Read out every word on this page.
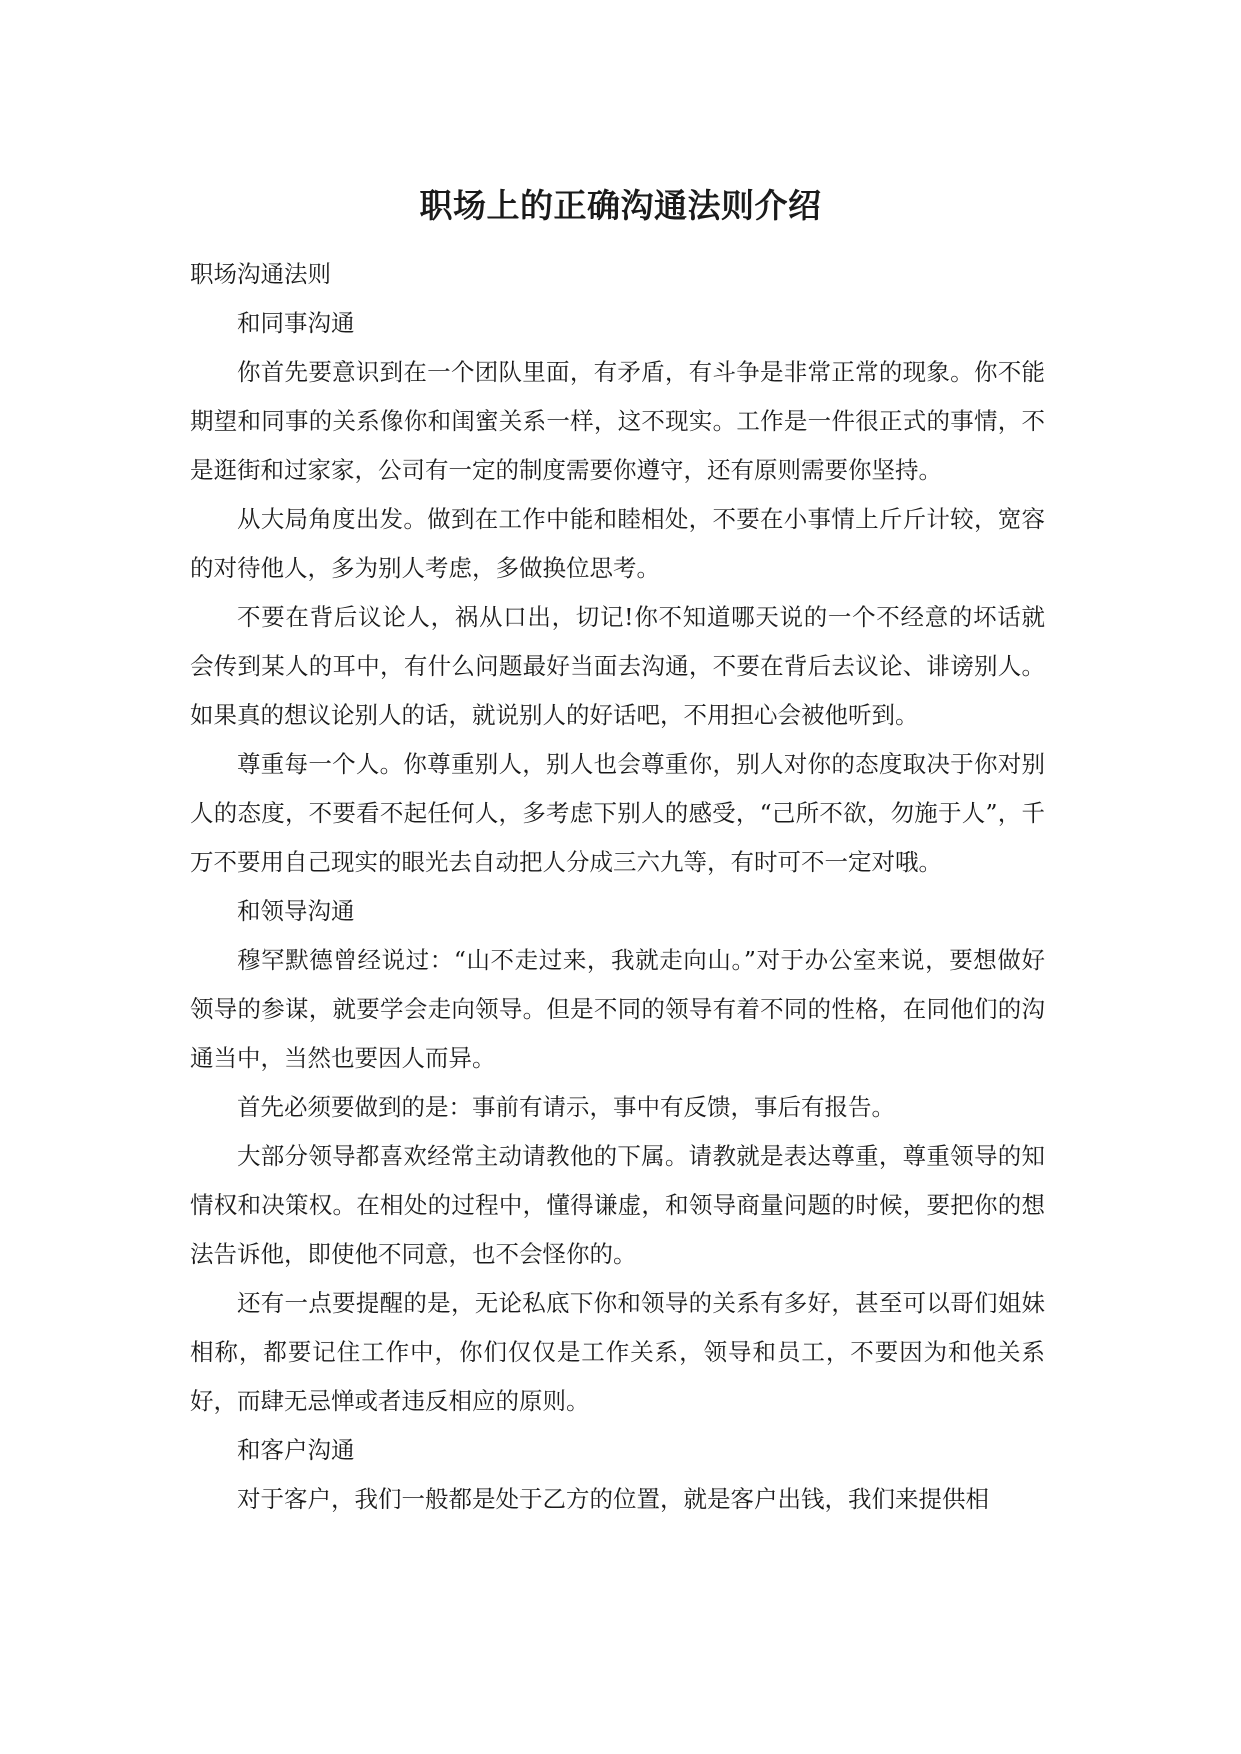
职场上的正确沟通法则介绍

职场沟通法则

和同事沟通

你首先要意识到在一个团队里面，有矛盾，有斗争是非常正常的现象。你不能期望和同事的关系像你和闺蜜关系一样，这不现实。工作是一件很正式的事情，不是逛街和过家家，公司有一定的制度需要你遵守，还有原则需要你坚持。

从大局角度出发。做到在工作中能和睦相处，不要在小事情上斤斤计较，宽容的对待他人，多为别人考虑，多做换位思考。

不要在背后议论人，祸从口出，切记!你不知道哪天说的一个不经意的坏话就会传到某人的耳中，有什么问题最好当面去沟通，不要在背后去议论、诽谤别人。如果真的想议论别人的话，就说别人的好话吧，不用担心会被他听到。

尊重每一个人。你尊重别人，别人也会尊重你，别人对你的态度取决于你对别人的态度，不要看不起任何人，多考虑下别人的感受，“己所不欲，勿施于人”，千万不要用自己现实的眼光去自动把人分成三六九等，有时可不一定对哦。

和领导沟通

穆罕默德曾经说过：“山不走过来，我就走向山。”对于办公室来说，要想做好领导的参谋，就要学会走向领导。但是不同的领导有着不同的性格，在同他们的沟通当中，当然也要因人而异。

首先必须要做到的是：事前有请示，事中有反馈，事后有报告。

大部分领导都喜欢经常主动请教他的下属。请教就是表达尊重，尊重领导的知情权和决策权。在相处的过程中，懂得谦虚，和领导商量问题的时候，要把你的想法告诉他，即使他不同意，也不会怪你的。

还有一点要提醒的是，无论私底下你和领导的关系有多好，甚至可以哥们姐妹相称，都要记住工作中，你们仅仅是工作关系，领导和员工，不要因为和他关系好，而肆无忌惮或者违反相应的原则。

和客户沟通

对于客户，我们一般都是处于乙方的位置，就是客户出钱，我们来提供相
